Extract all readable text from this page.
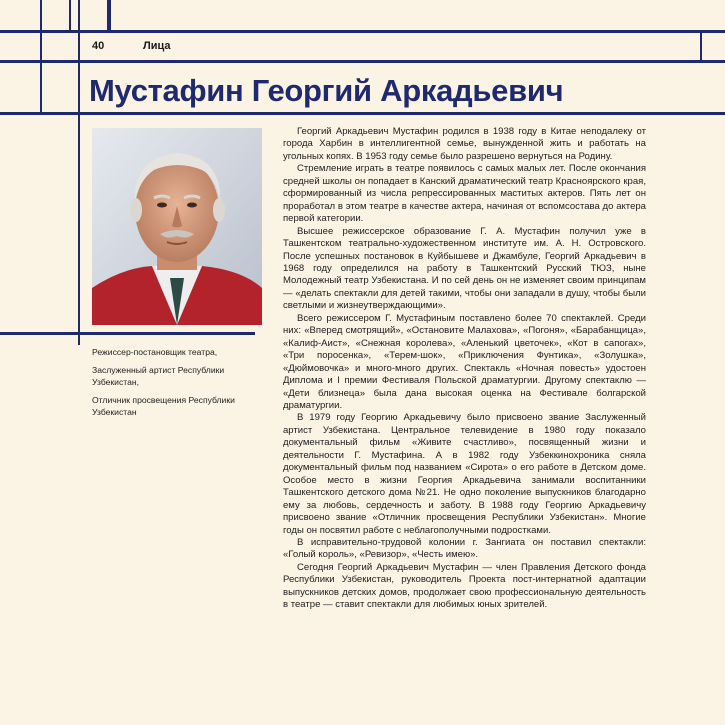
40	Лица
Мустафин Георгий Аркадьевич

Режиссер-постановщик театра,

Заслуженный артист Республики Узбекистан,

Отличник просвещения Республики Узбекистан

Георгий Аркадьевич Мустафин родился в 1938 году в Китае неподалеку от города Харбин в интеллигентной семье, вынужденной жить и работать на угольных копях. В 1953 году семье было разрешено вернуться на Родину.

Стремление играть в театре появилось с самых малых лет. После окончания средней школы он попадает в Канский драматический театр Красноярского края, сформированный из числа репрессированных маститых актеров. Пять лет он проработал в этом театре в качестве актера, начиная от вспомсостава до актера первой категории.

Высшее режиссерское образование Г. А. Мустафин получил уже в Ташкентском театрально-художественном институте им. А. Н. Островского. После успешных постановок в Куйбышеве и Джамбуле, Георгий Аркадьевич в 1968 году определился на работу в Ташкентский Русский ТЮЗ, ныне Молодежный театр Узбекистана. И по сей день он не изменяет своим принципам — «делать спектакли для детей такими, чтобы они западали в душу, чтобы были светлыми и жизнеутверждающими».

Всего режиссером Г. Мустафиным поставлено более 70 спектаклей. Среди них: «Вперед смотрящий», «Остановите Малахова», «Погоня», «Барабанщица», «Калиф-Аист», «Снежная королева», «Аленький цветочек», «Кот в сапогах», «Три поросенка», «Терем-шок», «Приключения Фунтика», «Золушка», «Дюймовочка» и много-много других. Спектакль «Ночная повесть» удостоен Диплома и I премии Фестиваля Польской драматургии. Другому спектаклю — «Дети близнеца» была дана высокая оценка на Фестивале болгарской драматургии.

В 1979 году Георгию Аркадьевичу было присвоено звание Заслуженный артист Узбекистана. Центральное телевидение в 1980 году показало документальный фильм «Живите счастливо», посвященный жизни и деятельности Г. Мустафина. А в 1982 году Узбеккинохроника сняла документальный фильм под названием «Сирота» о его работе в Детском доме. Особое место в жизни Георгия Аркадьевича занимали воспитанники Ташкентского детского дома №21. Не одно поколение выпускников благодарно ему за любовь, сердечность и заботу. В 1988 году Георгию Аркадьевичу присвоено звание «Отличник просвещения Республики Узбекистан». Многие годы он посвятил работе с неблагополучными подростками.

В исправительно-трудовой колонии г. Зангиата он поставил спектакли: «Голый король», «Ревизор», «Честь имею».

Сегодня Георгий Аркадьевич Мустафин — член Правления Детского фонда Республики Узбекистан, руководитель Проекта пост-интернатной адаптации выпускников детских домов, продолжает свою профессиональную деятельность в театре — ставит спектакли для любимых юных зрителей.
